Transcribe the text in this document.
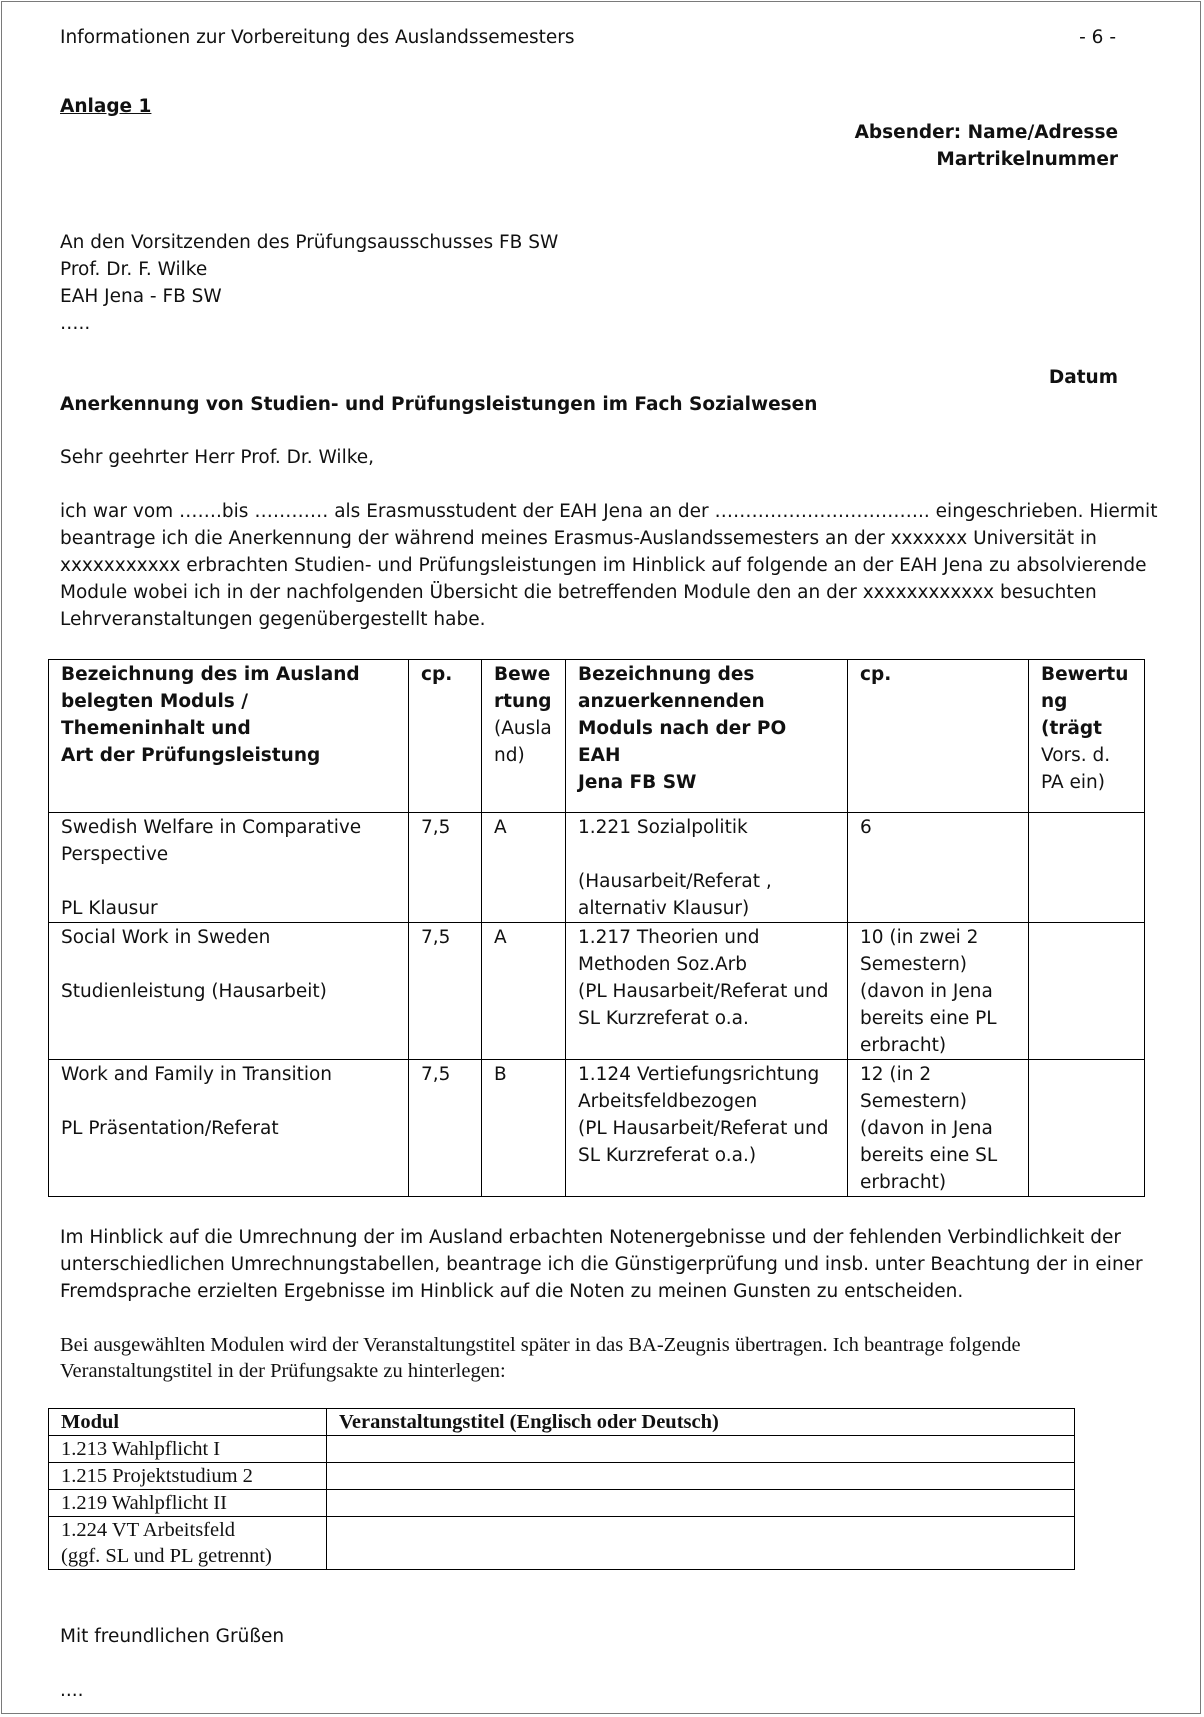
Informationen zur Vorbereitung des Auslandssemesters	- 6 -
Anlage 1
Absender: Name/Adresse
Martrikelnummer
An den Vorsitzenden des Prüfungsausschusses FB SW
Prof. Dr. F. Wilke
EAH Jena - FB SW
…..
Datum
Anerkennung von Studien- und Prüfungsleistungen im Fach Sozialwesen
Sehr geehrter Herr Prof. Dr. Wilke,
ich war vom …….bis ………… als Erasmusstudent der EAH Jena an der …………………………….. eingeschrieben. Hiermit
beantrage ich die Anerkennung der während meines Erasmus-Auslandssemesters an der xxxxxxx Universität in
xxxxxxxxxxx erbrachten Studien- und Prüfungsleistungen im Hinblick auf folgende an der EAH Jena zu absolvierende
Module wobei ich in der nachfolgenden Übersicht die betreffenden Module den an der xxxxxxxxxxxx besuchten
Lehrveranstaltungen gegenübergestellt habe.
Bezeichnung des im Ausland
belegten Moduls /
Themeninhalt und
Art der Prüfungsleistung	cp.	Bewe
rtung
(Ausla
nd)	Bezeichnung des
anzuerkennenden
Moduls nach der PO EAH
Jena FB SW	cp.	Bewertu
ng (trägt
Vors. d.
PA ein)

Swedish Welfare in Comparative
Perspective
PL Klausur	7,5	A	1.221 Sozialpolitik
(Hausarbeit/Referat ,
alternativ Klausur)	6	

Social Work in Sweden
Studienleistung (Hausarbeit)	7,5	A	1.217 Theorien und
Methoden Soz.Arb
(PL Hausarbeit/Referat und
SL Kurzreferat o.a.	10 (in zwei 2
Semestern)
(davon in Jena
bereits eine PL
erbracht)	

Work and Family in Transition
PL Präsentation/Referat	7,5	B	1.124 Vertiefungsrichtung
Arbeitsfeldbezogen
(PL Hausarbeit/Referat und
SL Kurzreferat o.a.)	12 (in 2
Semestern)
(davon in Jena
bereits eine SL
erbracht)	

Im Hinblick auf die Umrechnung der im Ausland erbachten Notenergebnisse und der fehlenden Verbindlichkeit der
unterschiedlichen Umrechnungstabellen, beantrage ich die Günstigerprüfung und insb. unter Beachtung der in einer
Fremdsprache erzielten Ergebnisse im Hinblick auf die Noten zu meinen Gunsten zu entscheiden.
Bei ausgewählten Modulen wird der Veranstaltungstitel später in das BA-Zeugnis übertragen. Ich beantrage folgende
Veranstaltungstitel in der Prüfungsakte zu hinterlegen:
Modul	Veranstaltungstitel (Englisch oder Deutsch)
1.213 Wahlpflicht I	
1.215 Projektstudium 2	
1.219 Wahlpflicht II	

1.224 VT Arbeitsfeld
(ggf. SL und PL getrennt)	

Mit freundlichen Grüßen
....
